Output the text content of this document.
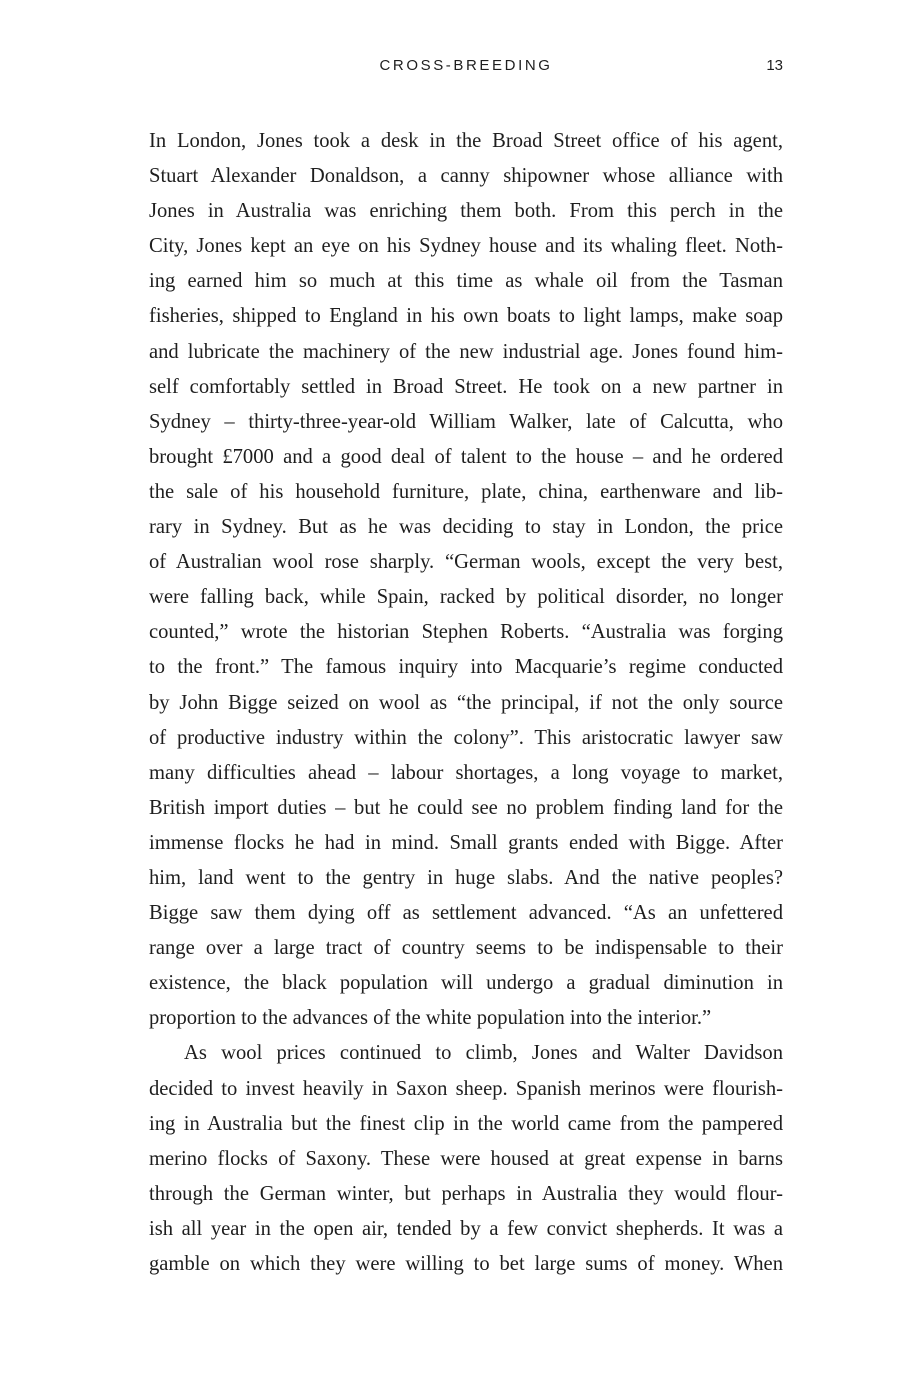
CROSS-BREEDING	13
In London, Jones took a desk in the Broad Street office of his agent,
Stuart Alexander Donaldson, a canny shipowner whose alliance with
Jones in Australia was enriching them both. From this perch in the
City, Jones kept an eye on his Sydney house and its whaling fleet. Noth-
ing earned him so much at this time as whale oil from the Tasman
fisheries, shipped to England in his own boats to light lamps, make soap
and lubricate the machinery of the new industrial age. Jones found him-
self comfortably settled in Broad Street. He took on a new partner in
Sydney – thirty-three-year-old William Walker, late of Calcutta, who
brought £7000 and a good deal of talent to the house – and he ordered
the sale of his household furniture, plate, china, earthenware and lib-
rary in Sydney. But as he was deciding to stay in London, the price
of Australian wool rose sharply. “German wools, except the very best,
were falling back, while Spain, racked by political disorder, no longer
counted,” wrote the historian Stephen Roberts. “Australia was forging
to the front.” The famous inquiry into Macquarie’s regime conducted
by John Bigge seized on wool as “the principal, if not the only source
of productive industry within the colony”. This aristocratic lawyer saw
many difficulties ahead – labour shortages, a long voyage to market,
British import duties – but he could see no problem finding land for the
immense flocks he had in mind. Small grants ended with Bigge. After
him, land went to the gentry in huge slabs. And the native peoples?
Bigge saw them dying off as settlement advanced. “As an unfettered
range over a large tract of country seems to be indispensable to their
existence, the black population will undergo a gradual diminution in
proportion to the advances of the white population into the interior.”
As wool prices continued to climb, Jones and Walter Davidson
decided to invest heavily in Saxon sheep. Spanish merinos were flourish-
ing in Australia but the finest clip in the world came from the pampered
merino flocks of Saxony. These were housed at great expense in barns
through the German winter, but perhaps in Australia they would flour-
ish all year in the open air, tended by a few convict shepherds. It was a
gamble on which they were willing to bet large sums of money. When
